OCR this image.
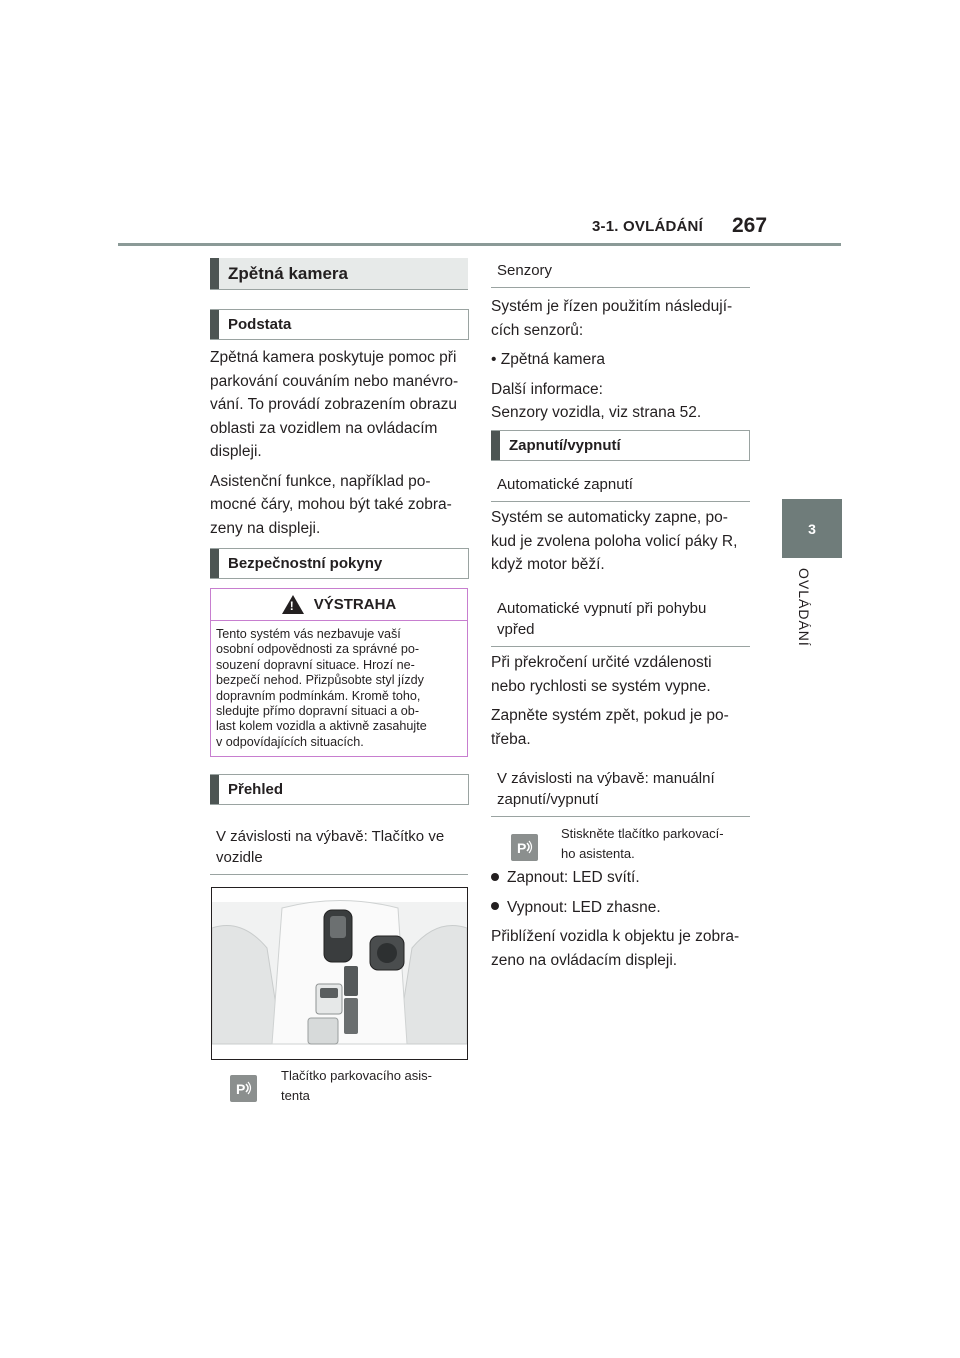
3-1. OVLÁDÁNÍ 267
3
OVLÁDÁNÍ
Zpětná kamera
Podstata
Zpětná kamera poskytuje pomoc při
parkování couváním nebo manévro-
vání. To provádí zobrazením obrazu
oblasti za vozidlem na ovládacím
displeji.
Asistenční funkce, například po-
mocné čáry, mohou být také zobra-
zeny na displeji.
Bezpečnostní pokyny
!
VÝSTRAHA
Tento systém vás nezbavuje vaší
osobní odpovědnosti za správné po-
souzení dopravní situace. Hrozí ne-
bezpečí nehod. Přizpůsobte styl jízdy
dopravním podmínkám. Kromě toho,
sledujte přímo dopravní situaci a ob-
last kolem vozidla a aktivně zasahujte
v odpovídajících situacích.
Přehled
V závislosti na výbavě: Tlačítko ve
vozidle
P
Tlačítko parkovacího asis-
tenta
Senzory
Systém je řízen použitím následují-
cích senzorů:
• Zpětná kamera
Další informace:
Senzory vozidla, viz strana 52.
Zapnutí/vypnutí
Automatické zapnutí
Systém se automaticky zapne, po-
kud je zvolena poloha volicí páky R,
když motor běží.
Automatické vypnutí při pohybu
vpřed
Při překročení určité vzdálenosti
nebo rychlosti se systém vypne.
Zapněte systém zpět, pokud je po-
třeba.
V závislosti na výbavě: manuální
zapnutí/vypnutí
P
Stiskněte tlačítko parkovací-
ho asistenta.
Zapnout: LED svítí.
Vypnout: LED zhasne.
Přiblížení vozidla k objektu je zobra-
zeno na ovládacím displeji.
